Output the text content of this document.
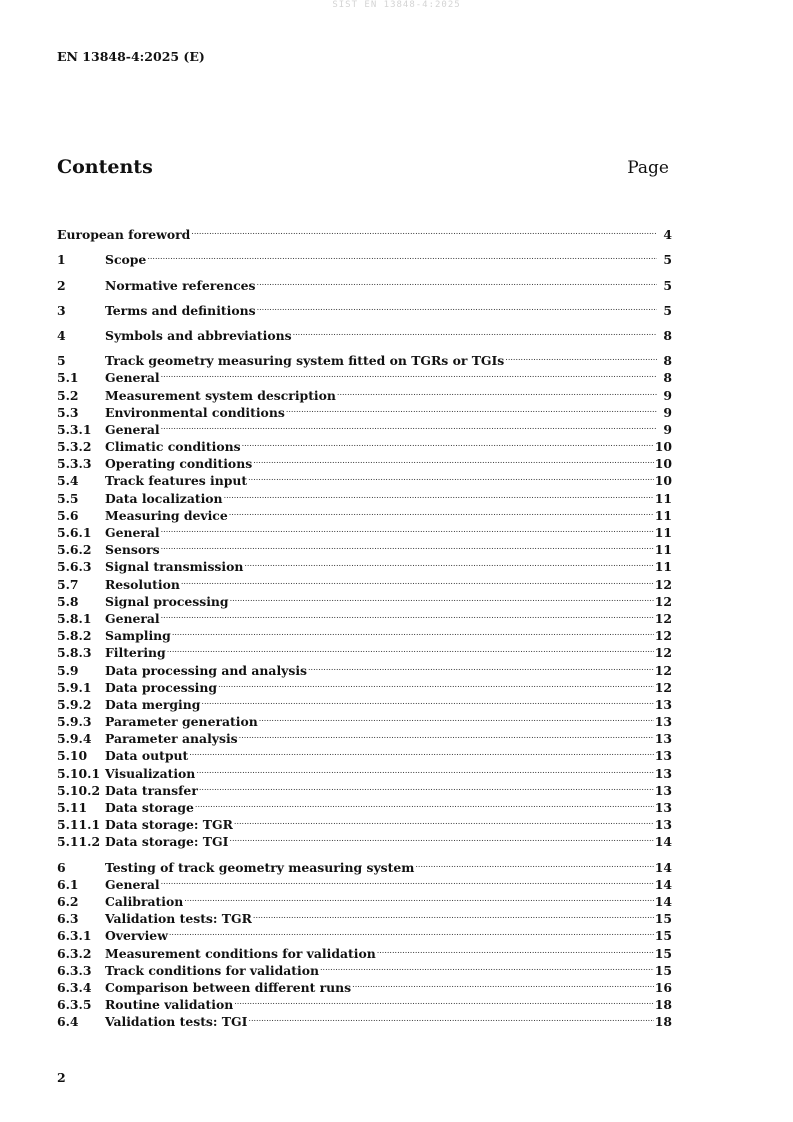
SIST EN 13848-4:2025
EN 13848-4:2025 (E)
Contents	Page
European foreword .....	4
1	Scope .....	5
2	Normative references .....	5
3	Terms and definitions .....	5
4	Symbols and abbreviations .....	8
5	Track geometry measuring system fitted on TGRs or TGIs .....	8
5.1	General .....	8
5.2	Measurement system description .....	9
5.3	Environmental conditions .....	9
5.3.1	General .....	9
5.3.2	Climatic conditions .....	10
5.3.3	Operating conditions .....	10
5.4	Track features input .....	10
5.5	Data localization .....	11
5.6	Measuring device .....	11
5.6.1	General .....	11
5.6.2	Sensors .....	11
5.6.3	Signal transmission .....	11
5.7	Resolution .....	12
5.8	Signal processing .....	12
5.8.1	General .....	12
5.8.2	Sampling .....	12
5.8.3	Filtering .....	12
5.9	Data processing and analysis .....	12
5.9.1	Data processing .....	12
5.9.2	Data merging .....	13
5.9.3	Parameter generation .....	13
5.9.4	Parameter analysis .....	13
5.10	Data output .....	13
5.10.1 Visualization .....	13
5.10.2 Data transfer .....	13
5.11	Data storage .....	13
5.11.1 Data storage: TGR .....	13
5.11.2 Data storage: TGI .....	14
6	Testing of track geometry measuring system .....	14
6.1	General .....	14
6.2	Calibration .....	14
6.3	Validation tests: TGR .....	15
6.3.1	Overview .....	15
6.3.2	Measurement conditions for validation .....	15
6.3.3	Track conditions for validation .....	15
6.3.4	Comparison between different runs .....	16
6.3.5	Routine validation .....	18
6.4	Validation tests: TGI .....	18
2
